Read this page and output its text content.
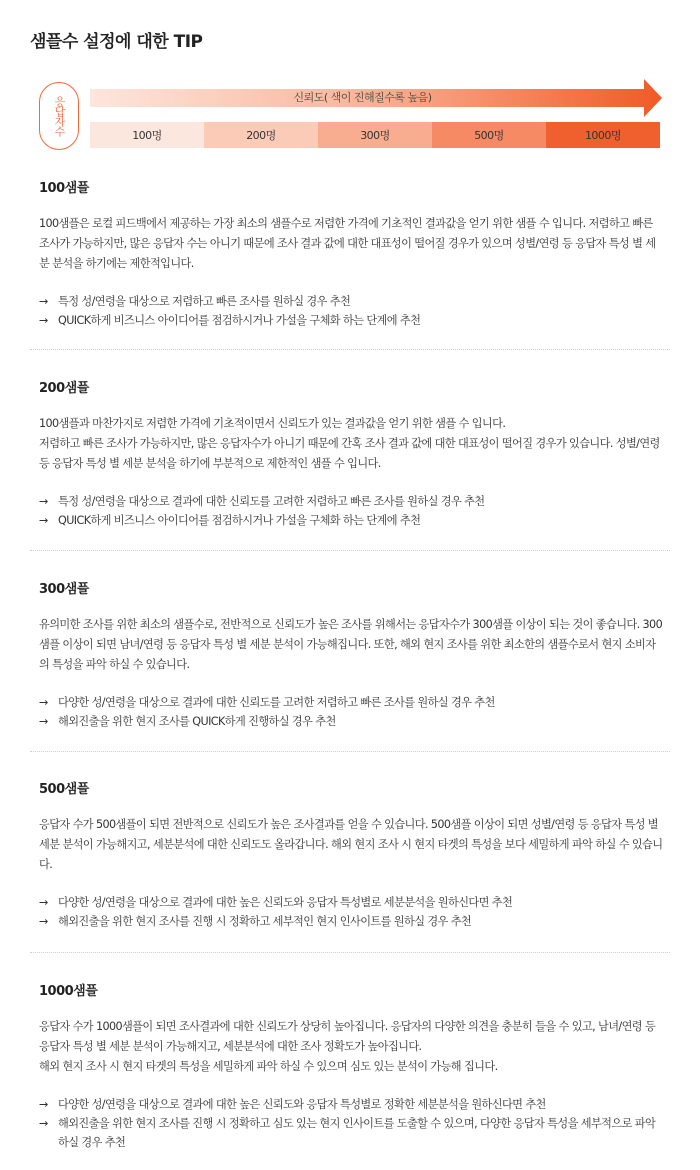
샘플수 설정에 대한 TIP
응답자수	신뢰도( 색이 진해질수록 높음)
100명	200명	300명	500명	1000명
100샘플

100샘플은 로컬 피드백에서 제공하는 가장 최소의 샘플수로 저렴한 가격에 기초적인 결과값을 얻기 위한 샘플 수 입니다. 저렴하고 빠른 조사가 가능하지만, 많은 응답자 수는 아니기 때문에 조사 결과 값에 대한 대표성이 떨어질 경우가 있으며 성별/연령 등 응답자 특성 별 세분 분석을 하기에는 제한적입니다.

→ 특정 성/연령을 대상으로 저렴하고 빠른 조사를 원하실 경우 추천
→ QUICK하게 비즈니스 아이디어를 점검하시거나 가설을 구체화 하는 단계에 추천
200샘플

100샘플과 마찬가지로 저렴한 가격에 기초적이면서 신뢰도가 있는 결과값을 얻기 위한 샘플 수 입니다.

저렴하고 빠른 조사가 가능하지만, 많은 응답자수가 아니기 때문에 간혹 조사 결과 값에 대한 대표성이 떨어질 경우가 있습니다. 성별/연령 등 응답자 특성 별 세분 분석을 하기에 부분적으로 제한적인 샘플 수 입니다.

→ 특정 성/연령을 대상으로 결과에 대한 신뢰도를 고려한 저렴하고 빠른 조사를 원하실 경우 추천
→ QUICK하게 비즈니스 아이디어를 점검하시거나 가설을 구체화 하는 단계에 추천
300샘플

유의미한 조사를 위한 최소의 샘플수로, 전반적으로 신뢰도가 높은 조사를 위해서는 응답자수가 300샘플 이상이 되는 것이 좋습니다. 300샘플 이상이 되면 남녀/연령 등 응답자 특성 별 세분 분석이 가능해집니다. 또한, 해외 현지 조사를 위한 최소한의 샘플수로서 현지 소비자의 특성을 파악 하실 수 있습니다.

→ 다양한 성/연령을 대상으로 결과에 대한 신뢰도를 고려한 저렴하고 빠른 조사를 원하실 경우 추천
→ 해외진출을 위한 현지 조사를 QUICK하게 진행하실 경우 추천
500샘플

응답자 수가 500샘플이 되면 전반적으로 신뢰도가 높은 조사결과를 얻을 수 있습니다. 500샘플 이상이 되면 성별/연령 등 응답자 특성 별 세분 분석이 가능해지고, 세분분석에 대한 신뢰도도 올라갑니다. 해외 현지 조사 시 현지 타겟의 특성을 보다 세밀하게 파악 하실 수 있습니다.

→ 다양한 성/연령을 대상으로 결과에 대한 높은 신뢰도와 응답자 특성별로 세분분석을 원하신다면 추천
→ 해외진출을 위한 현지 조사를 진행 시 정확하고 세부적인 현지 인사이트를 원하실 경우 추천
1000샘플

응답자 수가 1000샘플이 되면 조사결과에 대한 신뢰도가 상당히 높아집니다. 응답자의 다양한 의견을 충분히 들을 수 있고, 남녀/연령 등 응답자 특성 별 세분 분석이 가능해지고, 세분분석에 대한 조사 정확도가 높아집니다.

해외 현지 조사 시 현지 타겟의 특성을 세밀하게 파악 하실 수 있으며 심도 있는 분석이 가능해 집니다.

→ 다양한 성/연령을 대상으로 결과에 대한 높은 신뢰도와 응답자 특성별로 정확한 세분분석을 원하신다면 추천
→ 해외진출을 위한 현지 조사를 진행 시 정확하고 심도 있는 현지 인사이트를 도출할 수 있으며, 다양한 응답자 특성을 세부적으로 파악 하실 경우 추천
